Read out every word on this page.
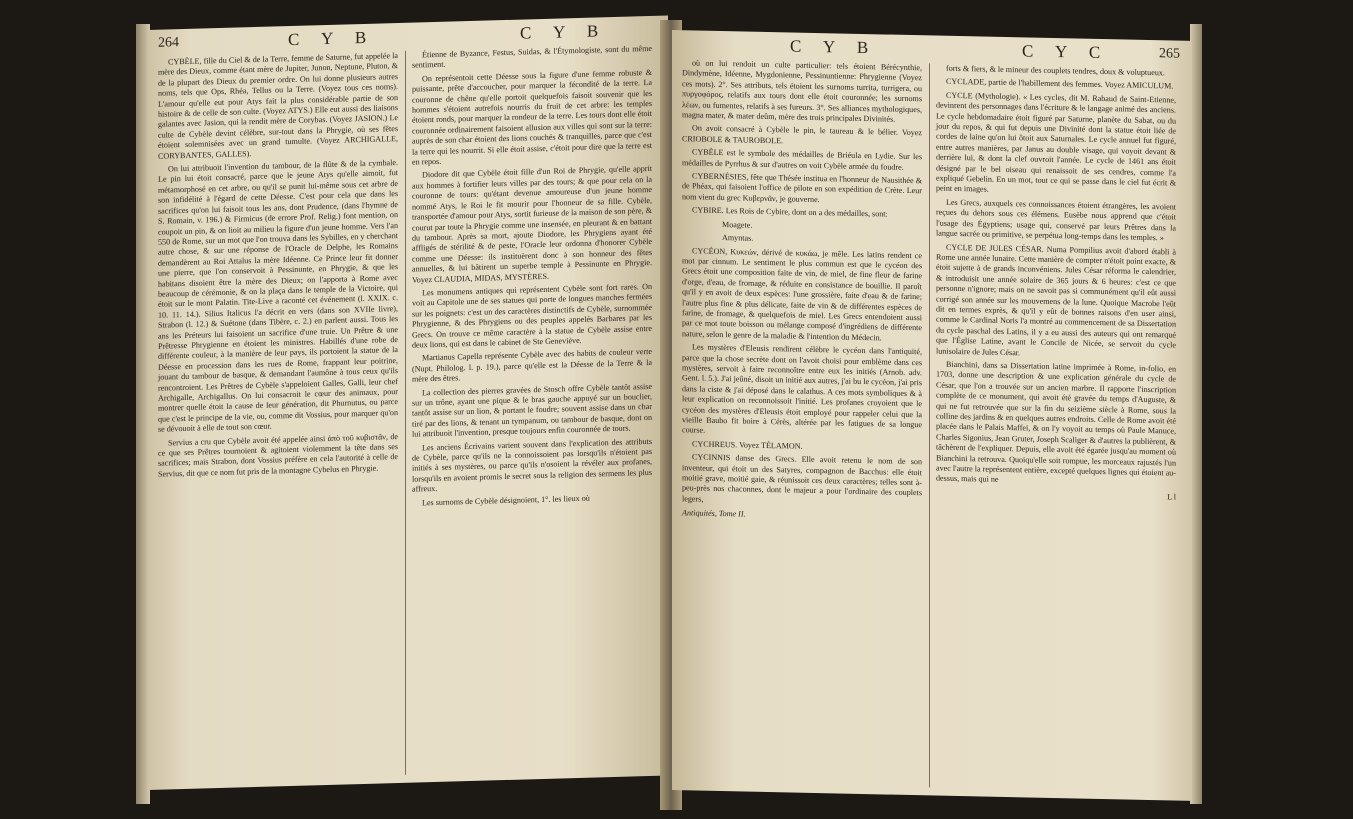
264	C Y B	C Y B

CYBÈLE, fille du Ciel & de la Terre, femme de Saturne, fut appelée la mère des Dieux, comme étant mère de Jupiter, Junon, Neptune, Pluton, & de la plupart des Dieux du premier ordre. On lui donne plusieurs autres noms, tels que Ops, Rhéa, Tellus ou la Terre. (Voyez tous ces noms). L'amour qu'elle eut pour Atys fait la plus considérable partie de son histoire & de celle de son culte. (Voyez ATYS.) Elle eut aussi des liaisons galantes avec Jasion, qui la rendit mère de Corybas. (Voyez JASION.) Le culte de Cybèle devint célèbre, sur-tout dans la Phrygie, où ses fêtes étoient solemnisées avec un grand tumulte. (Voyez ARCHIGALLE, CORYBANTES, GALLES).

On lui attribuoit l'invention du tambour, de la flûte & de la cymbale. Le pin lui étoit consacré, parce que le jeune Atys qu'elle aimoit, fut métamorphosé en cet arbre, ou qu'il se punit lui-même sous cet arbre de son infidélité à l'égard de cette Déesse. C'est pour cela que dans les sacrifices qu'on lui faisoit tous les ans, dont Prudence, (dans l'hymne de S. Romain, v. 196.) & Firmicus (de errore Prof. Relig.) font mention, on coupoit un pin, & on lioit au milieu la figure d'un jeune homme. Vers l'an 550 de Rome, sur un mot que l'on trouva dans les Sybilles, en y cherchant autre chose, & sur une réponse de l'Oracle de Delphe, les Romains demandèrent au Roi Attalus la mère Idéenne. Ce Prince leur fit donner une pierre, que l'on conservoit à Pessinunte, en Phrygie, & que les habitans disoient être la mère des Dieux; on l'apporta à Rome avec beaucoup de cérémonie, & on la plaça dans le temple de la Victoire, qui étoit sur le mont Palatin. Tite-Live a raconté cet événement (l. XXIX. c. 10. 11. 14.). Silius Italicus l'a décrit en vers (dans son XVIIe livre), Strabon (l. 12.) & Suétone (dans Tibère, c. 2.) en parlent aussi. Tous les ans les Préteurs lui faisoient un sacrifice d'une truie. Un Prêtre & une Prêtresse Phrygienne en étoient les ministres. Habillés d'une robe de différente couleur, à la manière de leur pays, ils portoient la statue de la Déesse en procession dans les rues de Rome, frappant leur poitrine, jouant du tambour de basque, & demandant l'aumône à tous ceux qu'ils rencontroient. Les Prêtres de Cybèle s'appeloient Galles, Galli, leur chef Archigalle, Archigallus. On lui consacroit le cœur des animaux, pour montrer quelle étoit la cause de leur génération, dit Phurnutus, ou parce que c'est le principe de la vie, ou, comme dit Vossius, pour marquer qu'on se dévouoit à elle de tout son cœur.

Servius a cru que Cybèle avoit été appelée ainsi ἀπὸ τοῦ κυβιστᾶν, de ce que ses Prêtres tournoient & agitoient violemment la tête dans ses sacrifices; mais Strabon, dont Vossius préfère en cela l'autorité à celle de Servius, dit que ce nom fut pris de la montagne Cybelus en Phrygie.

Étienne de Byzance, Festus, Suidas, & l'Étymologiste, sont du même sentiment.

On représentoit cette Déesse sous la figure d'une femme robuste & puissante, prête d'accoucher, pour marquer la fécondité de la terre. La couronne de chêne qu'elle portoit quelquefois faisoit souvenir que les hommes s'étoient autrefois nourris du fruit de cet arbre: les temples étoient ronds, pour marquer la rondeur de la terre. Les tours dont elle étoit couronnée ordinairement faisoient allusion aux villes qui sont sur la terre: auprès de son char étoient des lions couchés & tranquilles, parce que c'est la terre qui les nourrit. Si elle étoit assise, c'étoit pour dire que la terre est en repos.

Diodore dit que Cybèle étoit fille d'un Roi de Phrygie, qu'elle apprit aux hommes à fortifier leurs villes par des tours; & que pour cela on la couronne de tours: qu'étant devenue amoureuse d'un jeune homme nommé Atys, le Roi le fit mourir pour l'honneur de sa fille. Cybèle, transportée d'amour pour Atys, sortit furieuse de la maison de son père, & courut par toute la Phrygie comme une insensée, en pleurant & en battant du tambour. Après sa mort, ajoute Diodore, les Phrygiens ayant été affligés de stérilité & de peste, l'Oracle leur ordonna d'honorer Cybèle comme une Déesse: ils instituèrent donc à son honneur des fêtes annuelles, & lui bâtirent un superbe temple à Pessinunte en Phrygie. Voyez CLAUDIA, MIDAS, MYSTÈRES.

Les monumens antiques qui représentent Cybèle sont fort rares. On voit au Capitole une de ses statues qui porte de longues manches fermées sur les poignets: c'est un des caractères distinctifs de Cybèle, surnommée Phrygienne, & des Phrygiens ou des peuples appelés Barbares par les Grecs. On trouve ce même caractère à la statue de Cybèle assise entre deux lions, qui est dans le cabinet de Ste Geneviève.

Martianus Capella représente Cybèle avec des habits de couleur verte (Nupt. Philolog. l. p. 19.), parce qu'elle est la Déesse de la Terre & la mère des êtres.

La collection des pierres gravées de Stosch offre Cybèle tantôt assise sur un trône, ayant une pique & le bras gauche appuyé sur un bouclier, tantôt assise sur un lion, & portant le foudre; souvent assise dans un char tiré par des lions, & tenant un tympanum, ou tambour de basque, dont on lui attribuoit l'invention, presque toujours enfin couronnée de tours.

Les anciens Écrivains varient souvent dans l'explication des attributs de Cybèle, parce qu'ils ne la connoissoient pas lorsqu'ils n'étoient pas initiés à ses mystères, ou parce qu'ils n'osoient la révéler aux profanes, lorsqu'ils en avoient promis le secret sous la religion des sermens les plus affreux.

Les surnoms de Cybèle désignoient, 1°. les lieux où

C Y B	C Y C	265

où on lui rendoit un culte particulier: tels étoient Bérécynthie, Dindymène, Idéenne, Mygdonienne, Pessinuntienne: Phrygienne (Voyez ces mots). 2°. Ses attributs, tels étoient les surnoms turrita, turrigera, ou πυργοφόρος, relatifs aux tours dont elle étoit couronnée; les surnoms λέων, ou fumentes, relatifs à ses fureurs. 3°. Ses alliances mythologiques, magna mater, & mater deûm, mère des trois principales Divinités.

On avoit consacré à Cybèle le pin, le taureau & le bélier. Voyez CRIOBOLE & TAUROBOLE.

CYBÈLE est le symbole des médailles de Briéula en Lydie. Sur les médailles de Pyrrhus & sur d'autres on voit Cybèle armée du foudre.

CYBERNÉSIES, fête que Thésée institua en l'honneur de Nausithée & de Phéax, qui faisoient l'office de pilote en son expédition de Crète. Leur nom vient du grec Κυβερνᾶν, je gouverne.

CYBIRE. Les Rois de Cybire, dont on a des médailles, sont:

Moagete.

Amyntas.

CYCÉON, Κυκεών, dérivé de κυκάω, je mêle. Les latins rendent ce mot par cinnum. Le sentiment le plus commun est que le cycéon des Grecs étoit une composition faite de vin, de miel, de fine fleur de farine d'orge, d'eau, de fromage, & réduite en consistance de bouillie. Il paroît qu'il y en avoit de deux espèces: l'une grossière, faite d'eau & de farine; l'autre plus fine & plus délicate, faite de vin & de différentes espèces de farine, de fromage, & quelquefois de miel. Les Grecs entendoient aussi par ce mot toute boisson ou mélange composé d'ingrédiens de différente nature, selon le genre de la maladie & l'intention du Médecin.

Les mystères d'Eleusis rendirent célèbre le cycéon dans l'antiquité, parce que la chose secrète dont on l'avoit choisi pour emblème dans ces mystères, servoit à faire reconnoître entre eux les initiés (Arnob. adv. Gent. l. 5.). J'ai jeûné, disoit un initié aux autres, j'ai bu le cycéon, j'ai pris dans la ciste & j'ai déposé dans le calathus. A ces mots symboliques & à leur explication on reconnoissoit l'initié. Les profanes croyoient que le cycéon des mystères d'Eleusis étoit employé pour rappeler celui que la vieille Baubo fit boire à Cérès, altérée par les fatigues de sa longue course.

CYCHREUS. Voyez TÉLAMON.

CYCINNIS danse des Grecs. Elle avoit retenu le nom de son inventeur, qui étoit un des Satyres, compagnon de Bacchus: elle étoit moitié grave, moitié gaie, & réunissoit ces deux caractères; telles sont à-peu-près nos chaconnes, dont le majeur a pour l'ordinaire des couplets legers,

Antiquités, Tome II.

forts & fiers, & le mineur des couplets tendres, doux & voluptueux.

CYCLADE, partie de l'habillement des femmes. Voyez AMICULUM.

CYCLE (Mythologie). « Les cycles, dit M. Rabaud de Saint-Etienne, devinrent des personnages dans l'écriture & le langage animé des anciens. Le cycle hebdomadaire étoit figuré par Saturne, planète du Sabat, ou du jour du repos, & qui fut depuis une Divinité dont la statue étoit liée de cordes de laine qu'on lui ôtoit aux Saturnales. Le cycle annuel fut figuré, entre autres manières, par Janus au double visage, qui voyoit devant & derrière lui, & dont la clef ouvroit l'année. Le cycle de 1461 ans étoit désigné par le bel oiseau qui renaissoit de ses cendres, comme l'a expliqué Gebelin. En un mot, tout ce qui se passe dans le ciel fut écrit & peint en images.

Les Grecs, auxquels ces connoissances étoient étrangères, les avoient reçues du dehors sous ces élémens. Eusèbe nous apprend que c'étoit l'usage des Égyptiens; usage qui, conservé par leurs Prêtres dans la langue sacrée ou primitive, se perpétua long-temps dans les temples. »

CYCLE DE JULES CÉSAR. Numa Pompilius avoit d'abord établi à Rome une année lunaire. Cette manière de compter n'étoit point exacte, & étoit sujette à de grands inconvéniens. Jules César réforma le calendrier, & introduisit une année solaire de 365 jours & 6 heures: c'est ce que personne n'ignore; mais on ne savoit pas si communément qu'il eût aussi corrigé son année sur les mouvemens de la lune. Quoique Macrobe l'eût dit en termes exprès, & qu'il y eût de bonnes raisons d'en user ainsi, comme le Cardinal Noris l'a montré au commencement de sa Dissertation du cycle paschal des Latins, il y a eu aussi des auteurs qui ont remarqué que l'Église Latine, avant le Concile de Nicée, se servoit du cycle lunisolaire de Jules César.

Bianchini, dans sa Dissertation latine imprimée à Rome, in-folio, en 1703, donne une description & une explication générale du cycle de César, que l'on a trouvée sur un ancien marbre. Il rapporte l'inscription complète de ce monument, qui avoit été gravée du temps d'Auguste, & qui ne fut retrouvée que sur la fin du seizième siècle à Rome, sous la colline des jardins & en quelques autres endroits. Celle de Rome avoit été placée dans le Palais Maffei, & on l'y voyoit au temps où Paule Manuce, Charles Sigonius, Jean Gruter, Joseph Scaliger & d'autres la publièrent, & tâchèrent de l'expliquer. Depuis, elle avoit été égarée jusqu'au moment où Bianchini la retrouva. Quoiqu'elle soit rompue, les morceaux rajustés l'un avec l'autre la représentent entière, excepté quelques lignes qui étoient au-dessus, mais qui ne

L l
